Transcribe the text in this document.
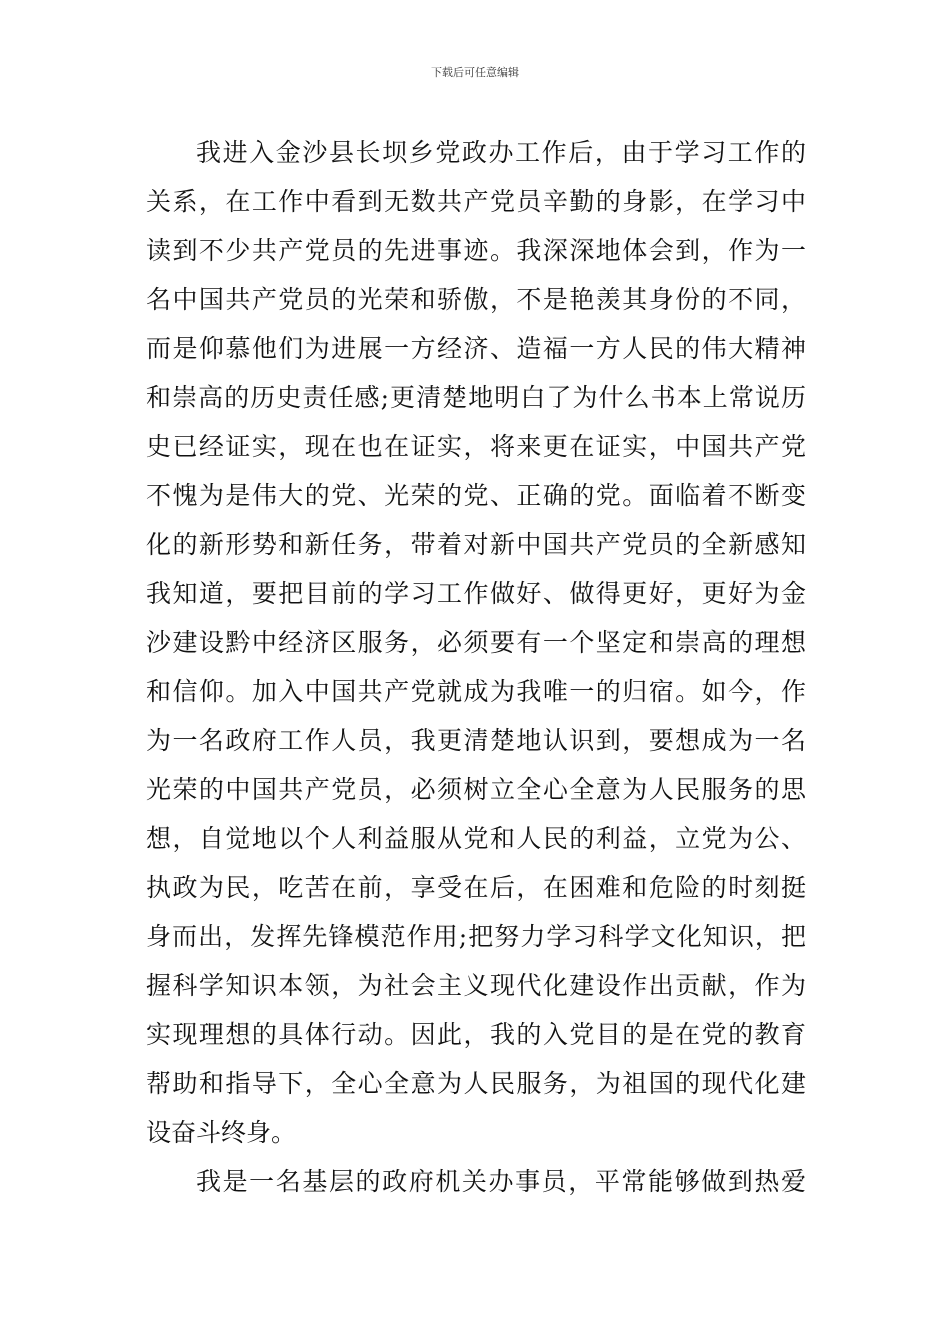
下载后可任意编辑
我进入金沙县长坝乡党政办工作后，由于学习工作的
关系，在工作中看到无数共产党员辛勤的身影，在学习中
读到不少共产党员的先进事迹。我深深地体会到，作为一
名中国共产党员的光荣和骄傲，不是艳羡其身份的不同，
而是仰慕他们为进展一方经济、造福一方人民的伟大精神
和崇高的历史责任感;更清楚地明白了为什么书本上常说历
史已经证实，现在也在证实，将来更在证实，中国共产党
不愧为是伟大的党、光荣的党、正确的党。面临着不断变
化的新形势和新任务，带着对新中国共产党员的全新感知
我知道，要把目前的学习工作做好、做得更好，更好为金
沙建设黔中经济区服务，必须要有一个坚定和崇高的理想
和信仰。加入中国共产党就成为我唯一的归宿。如今，作
为一名政府工作人员，我更清楚地认识到，要想成为一名
光荣的中国共产党员，必须树立全心全意为人民服务的思
想，自觉地以个人利益服从党和人民的利益，立党为公、
执政为民，吃苦在前，享受在后，在困难和危险的时刻挺
身而出，发挥先锋模范作用;把努力学习科学文化知识，把
握科学知识本领，为社会主义现代化建设作出贡献，作为
实现理想的具体行动。因此，我的入党目的是在党的教育
帮助和指导下，全心全意为人民服务，为祖国的现代化建
设奋斗终身。
我是一名基层的政府机关办事员，平常能够做到热爱
